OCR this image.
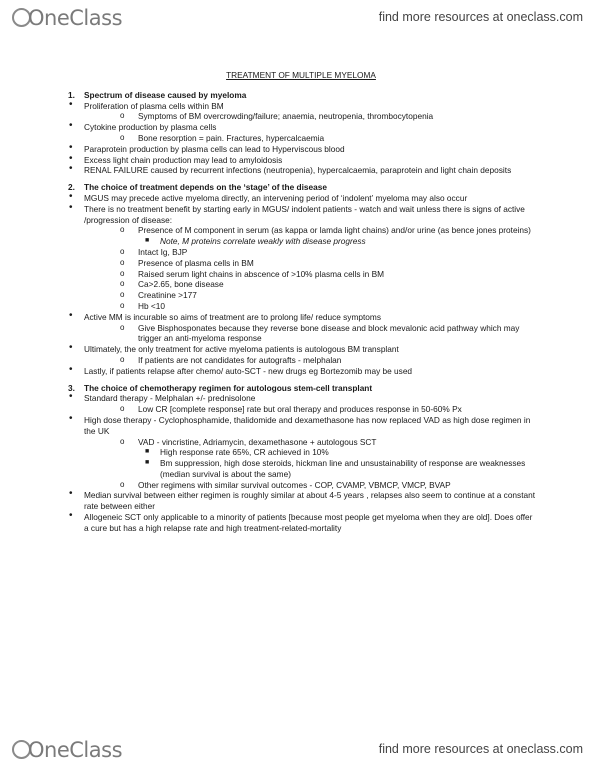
OneClass	find more resources at oneclass.com
TREATMENT OF MULTIPLE MYELOMA
1. Spectrum of disease caused by myeloma
• Proliferation of plasma cells within BM
o Symptoms of BM overcrowding/failure; anaemia, neutropenia, thrombocytopenia
• Cytokine production by plasma cells
o Bone resorption = pain. Fractures, hypercalcaemia
• Paraprotein production by plasma cells can lead to Hyperviscous blood
• Excess light chain production may lead to amyloidosis
• RENAL FAILURE caused by recurrent infections (neutropenia), hypercalcaemia, paraprotein and light chain deposits
2. The choice of treatment depends on the ‘stage’ of the disease
• MGUS may precede active myeloma directly, an intervening period of ‘indolent’ myeloma may also occur
• There is no treatment benefit by starting early in MGUS/ indolent patients - watch and wait unless there is signs of active /progression of disease:
o Presence of M component in serum (as kappa or lamda light chains) and/or urine (as bence jones proteins)
■ Note, M proteins correlate weakly with disease progress
o Intact Ig, BJP
o Presence of plasma cells in BM
o Raised serum light chains in abscence of >10% plasma cells in BM
o Ca>2.65, bone disease
o Creatinine >177
o Hb <10
• Active MM is incurable so aims of treatment are to prolong life/ reduce symptoms
o Give Bisphosponates because they reverse bone disease and block mevalonic acid pathway which may trigger an anti-myeloma response
• Ultimately, the only treatment for active myeloma patients is autologous BM transplant
o If patients are not candidates for autografts - melphalan
• Lastly, if patients relapse after chemo/ auto-SCT - new drugs eg Bortezomib may be used
3. The choice of chemotherapy regimen for autologous stem-cell transplant
• Standard therapy - Melphalan +/- prednisolone
o Low CR [complete response] rate but oral therapy and produces response in 50-60% Px
• High dose therapy - Cyclophosphamide, thalidomide and dexamethasone has now replaced VAD as high dose regimen in the UK
o VAD - vincristine, Adriamycin, dexamethasone + autologous SCT
■ High response rate 65%, CR achieved in 10%
■ Bm suppression, high dose steroids, hickman line and unsustainability of response are weaknesses (median survival is about the same)
o Other regimens with similar survival outcomes - COP, CVAMP, VBMCP, VMCP, BVAP
• Median survival between either regimen is roughly similar at about 4-5 years , relapses also seem to continue at a constant rate between either
• Allogeneic SCT only applicable to a minority of patients [because most people get myeloma when they are old]. Does offer a cure but has a high relapse rate and high treatment-related-mortality
OneClass	find more resources at oneclass.com
